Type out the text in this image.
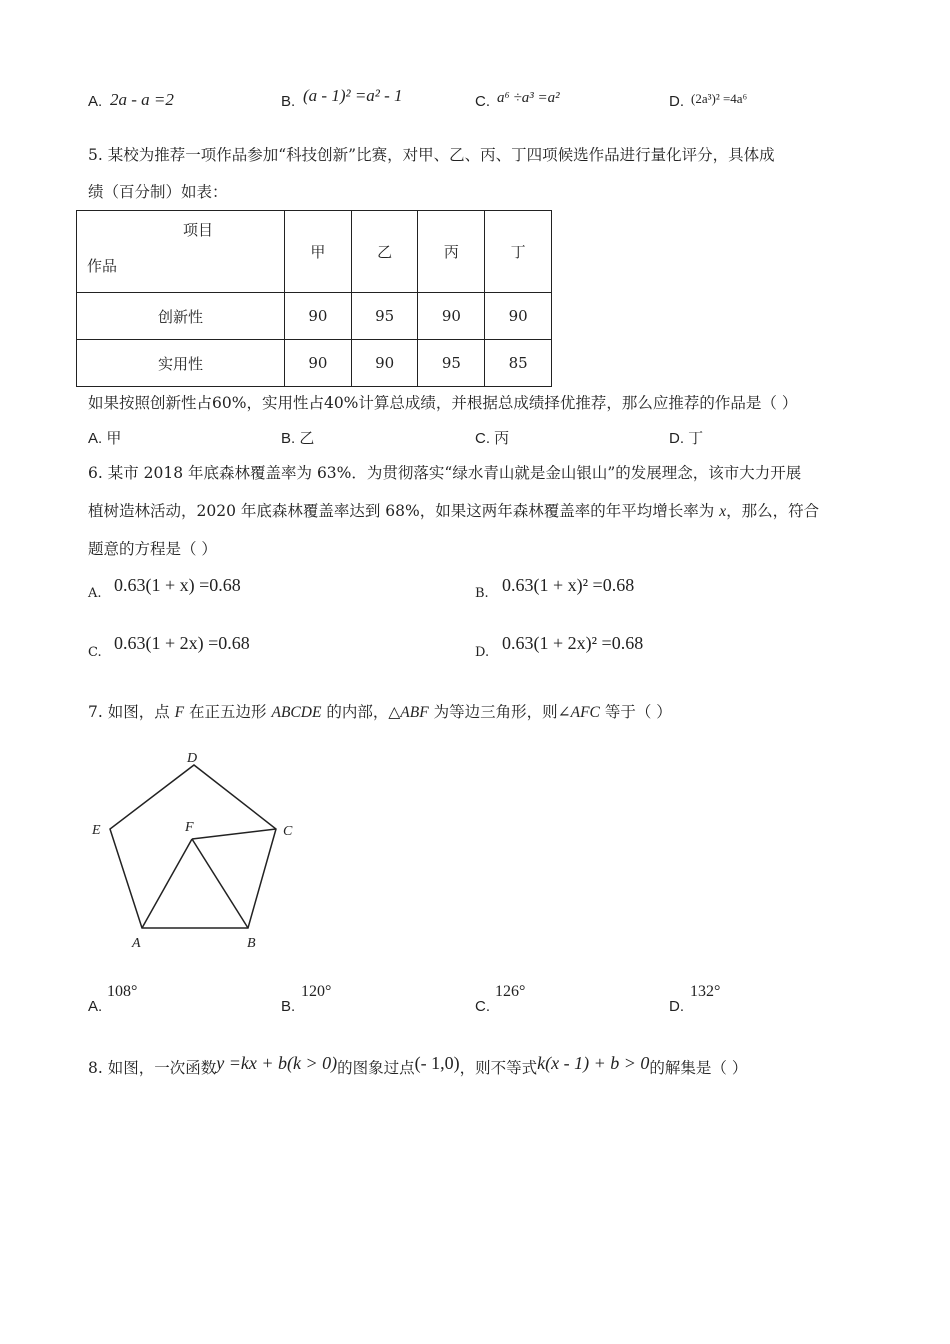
A. 2a - a =2	B. (a - 1)² =a² - 1	C. a⁶ ÷a³ =a²	D. (2a³)² =4a⁶
5. 某校为推荐一项作品参加“科技创新”比赛，对甲、乙、丙、丁四项候选作品进行量化评分，具体成
绩（百分制）如表：
项目
作品	甲	乙	丙	丁
创新性	90	95	90	90
实用性	90	90	95	85
如果按照创新性占60%，实用性占40%计算总成绩，并根据总成绩择优推荐，那么应推荐的作品是（ ）
A. 甲	B. 乙	C. 丙	D. 丁
6. 某市 2018 年底森林覆盖率为 63%．为贯彻落实“绿水青山就是金山银山”的发展理念，该市大力开展
植树造林活动，2020 年底森林覆盖率达到 68%，如果这两年森林覆盖率的年平均增长率为 x，那么，符合
题意的方程是（ ）
A. 0.63(1 + x) =0.68	B. 0.63(1 + x)² =0.68
C. 0.63(1 + 2x) =0.68	D. 0.63(1 + 2x)² =0.68
7. 如图，点 F 在正五边形 ABCDE 的内部，△ABF 为等边三角形，则∠AFC 等于（ ）
D
C
E	F
A	B
A.
108°
B.
120°
C.
126°
D.
132°
8. 如图，一次函数y =kx + b(k > 0)的图象过点(- 1,0)，则不等式k(x - 1) + b > 0的解集是（ ）
